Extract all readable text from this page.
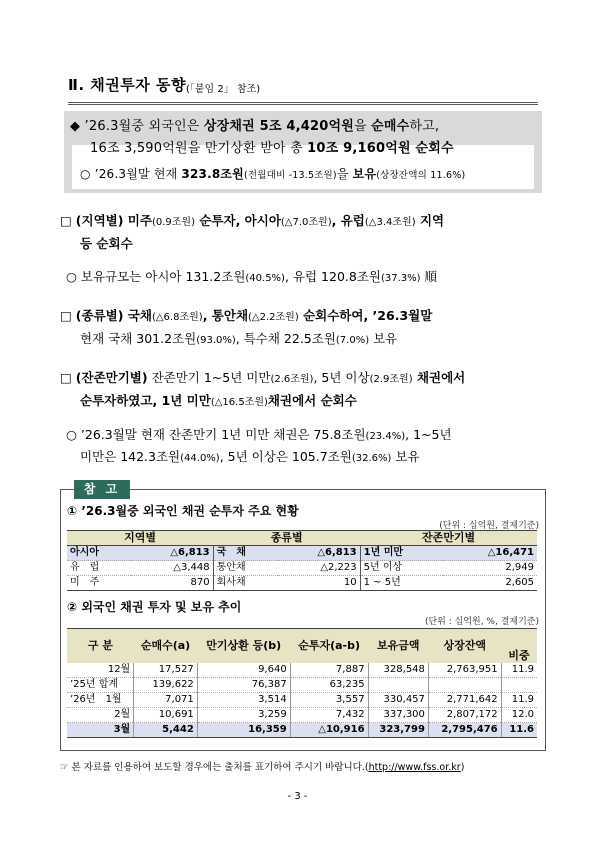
Ⅱ. 채권투자 동향(「붙임 2」 참조)
◆ ’26.3월중 외국인은 상장채권 5조 4,420억원을 순매수하고,
16조 3,590억원을 만기상환 받아 총 10조 9,160억원 순회수
○ ’26.3월말 현재 323.8조원(전월대비 -13.5조원)을 보유(상장잔액의 11.6%)
□ (지역별) 미주(0.9조원) 순투자, 아시아(△7.0조원), 유럽(△3.4조원) 지역
등 순회수
○ 보유규모는 아시아 131.2조원(40.5%), 유럽 120.8조원(37.3%) 順
□ (종류별) 국채(△6.8조원), 통안채(△2.2조원) 순회수하여, ’26.3월말
현재 국채 301.2조원(93.0%), 특수채 22.5조원(7.0%) 보유
□ (잔존만기별) 잔존만기 1~5년 미만(2.6조원), 5년 이상(2.9조원) 채권에서
순투자하였고, 1년 미만(△16.5조원)채권에서 순회수
○ ’26.3월말 현재 잔존만기 1년 미만 채권은 75.8조원(23.4%), 1~5년
미만은 142.3조원(44.0%), 5년 이상은 105.7조원(32.6%) 보유
① ’26.3월중 외국인 채권 순투자 주요 현황
(단위 : 십억원, 결제기준)
지역별		종류별		잔존만기별	
아시아	△6,813	국　채	△6,813	1년 미만	△16,471
유　럽	△3,448	통안채	△2,223	5년 이상	2,949
미　주	870	회사채	10	1 ~ 5년	2,605
② 외국인 채권 투자 및 보유 추이
(단위 : 십억원, %, 결제기준)
구 분	순매수(a)	만기상환 등(b)	순투자(a-b)	보유금액	상장잔액	비중
12월	17,527	9,640	7,887	328,548	2,763,951	11.9
’25년 합계	139,622	76,387	63,235			
’26년　1월	7,071	3,514	3,557	330,457	2,771,642	11.9
2월	10,691	3,259	7,432	337,300	2,807,172	12.0
3월	5,442	16,359	△10,916	323,799	2,795,476	11.6
참 고
☞ 본 자료를 인용하여 보도할 경우에는 출처를 표기하여 주시기 바랍니다.(http://www.fss.or.kr)
- 3 -
